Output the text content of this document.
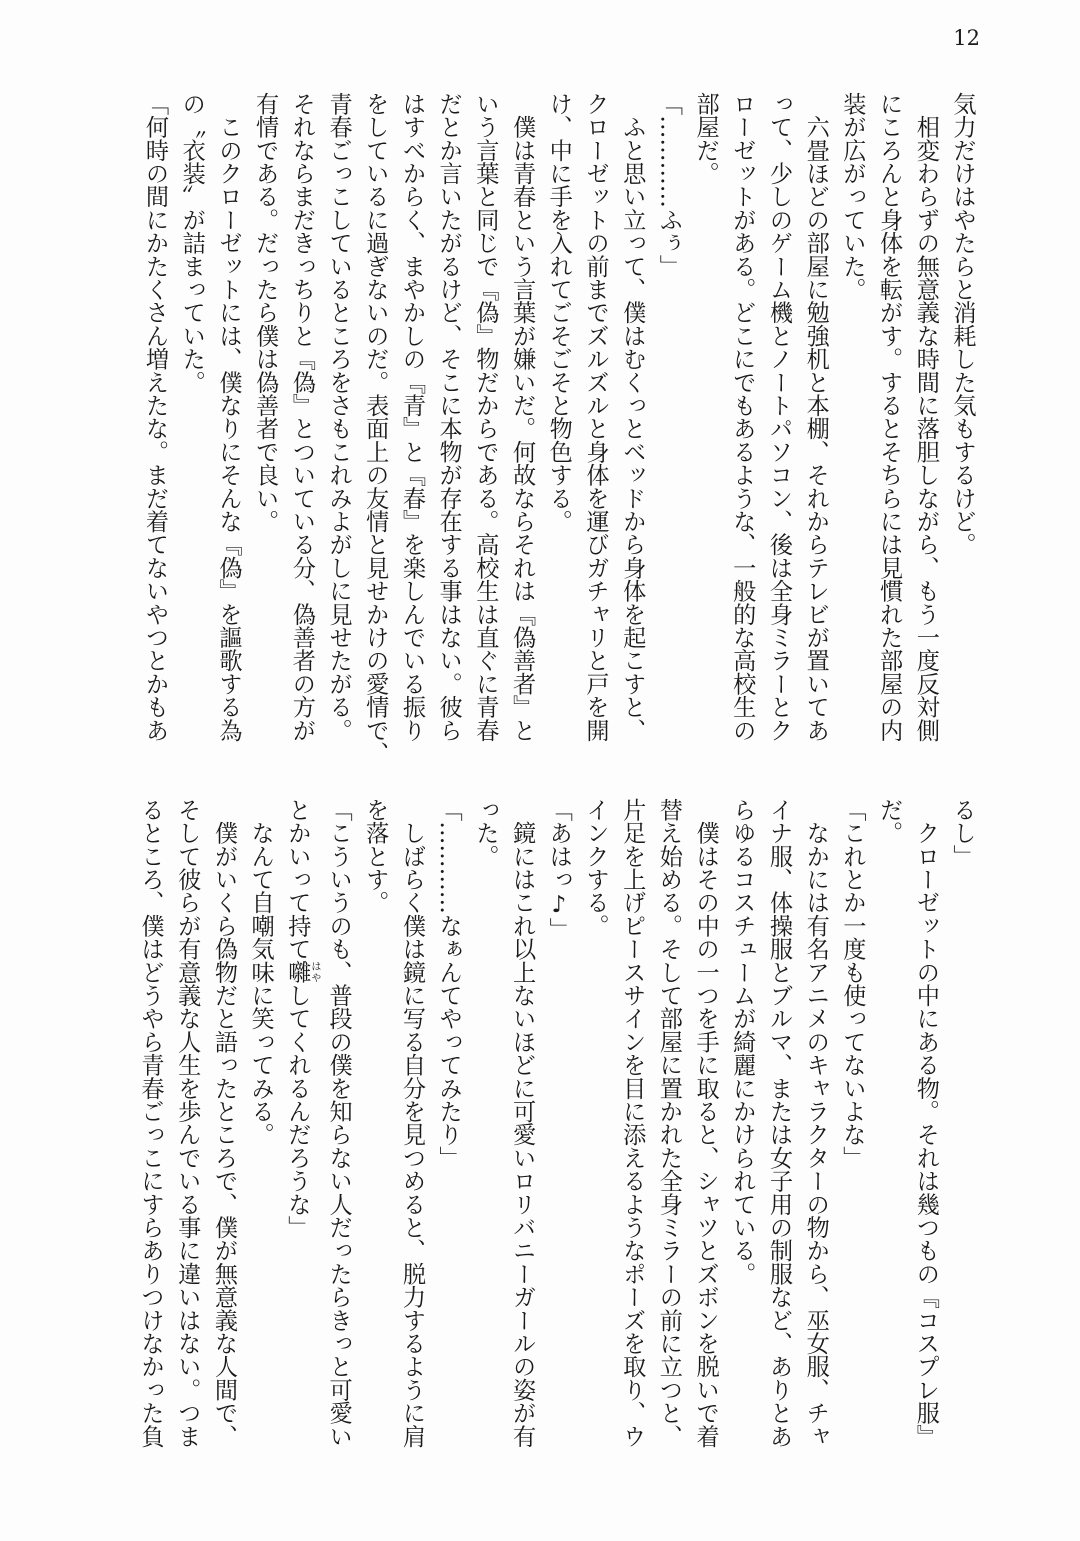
12
気力だけはやたらと消耗した気もするけど。
　相変わらずの無意義な時間に落胆しながら、もう一度反対側
にころんと身体を転がす。するとそちらには見慣れた部屋の内
装が広がっていた。
　六畳ほどの部屋に勉強机と本棚、それからテレビが置いてあ
って、少しのゲーム機とノートパソコン、後は全身ミラーとク
ローゼットがある。どこにでもあるような、一般的な高校生の
部屋だ。
「…………ふぅ」
　ふと思い立って、僕はむくっとベッドから身体を起こすと、
クローゼットの前までズルズルと身体を運びガチャリと戸を開
け、中に手を入れてごそごそと物色する。
　僕は青春という言葉が嫌いだ。何故ならそれは『偽善者』と
いう言葉と同じで『偽』物だからである。高校生は直ぐに青春
だとか言いたがるけど、そこに本物が存在する事はない。彼ら
はすべからく、まやかしの『青』と『春』を楽しんでいる振り
をしているに過ぎないのだ。表面上の友情と見せかけの愛情で、
青春ごっこしているところをさもこれみよがしに見せたがる。
それならまだきっちりと『偽』とついている分、偽善者の方が
有情である。だったら僕は偽善者で良い。
　このクローゼットには、僕なりにそんな『偽』を謳歌する為
の〝衣装〟が詰まっていた。
「何時の間にかたくさん増えたな。まだ着てないやつとかもあ
るし」
　クローゼットの中にある物。それは幾つもの『コスプレ服』
だ。
「これとか一度も使ってないよな」
　なかには有名アニメのキャラクターの物から、巫女服、チャ
イナ服、体操服とブルマ、または女子用の制服など、ありとあ
らゆるコスチュームが綺麗にかけられている。
　僕はその中の一つを手に取ると、シャツとズボンを脱いで着
替え始める。そして部屋に置かれた全身ミラーの前に立つと、
片足を上げピースサインを目に添えるようなポーズを取り、ウ
インクする。
「あはっ♪」
　鏡にはこれ以上ないほどに可愛いロリバニーガールの姿が有
った。
「…………なぁんてやってみたり」
　しばらく僕は鏡に写る自分を見つめると、脱力するように肩
を落とす。
「こういうのも、普段の僕を知らない人だったらきっと可愛い
とかいって持て囃はやしてくれるんだろうな」
　なんて自嘲気味に笑ってみる。
　僕がいくら偽物だと語ったところで、僕が無意義な人間で、
そして彼らが有意義な人生を歩んでいる事に違いはない。つま
るところ、僕はどうやら青春ごっこにすらありつけなかった負
